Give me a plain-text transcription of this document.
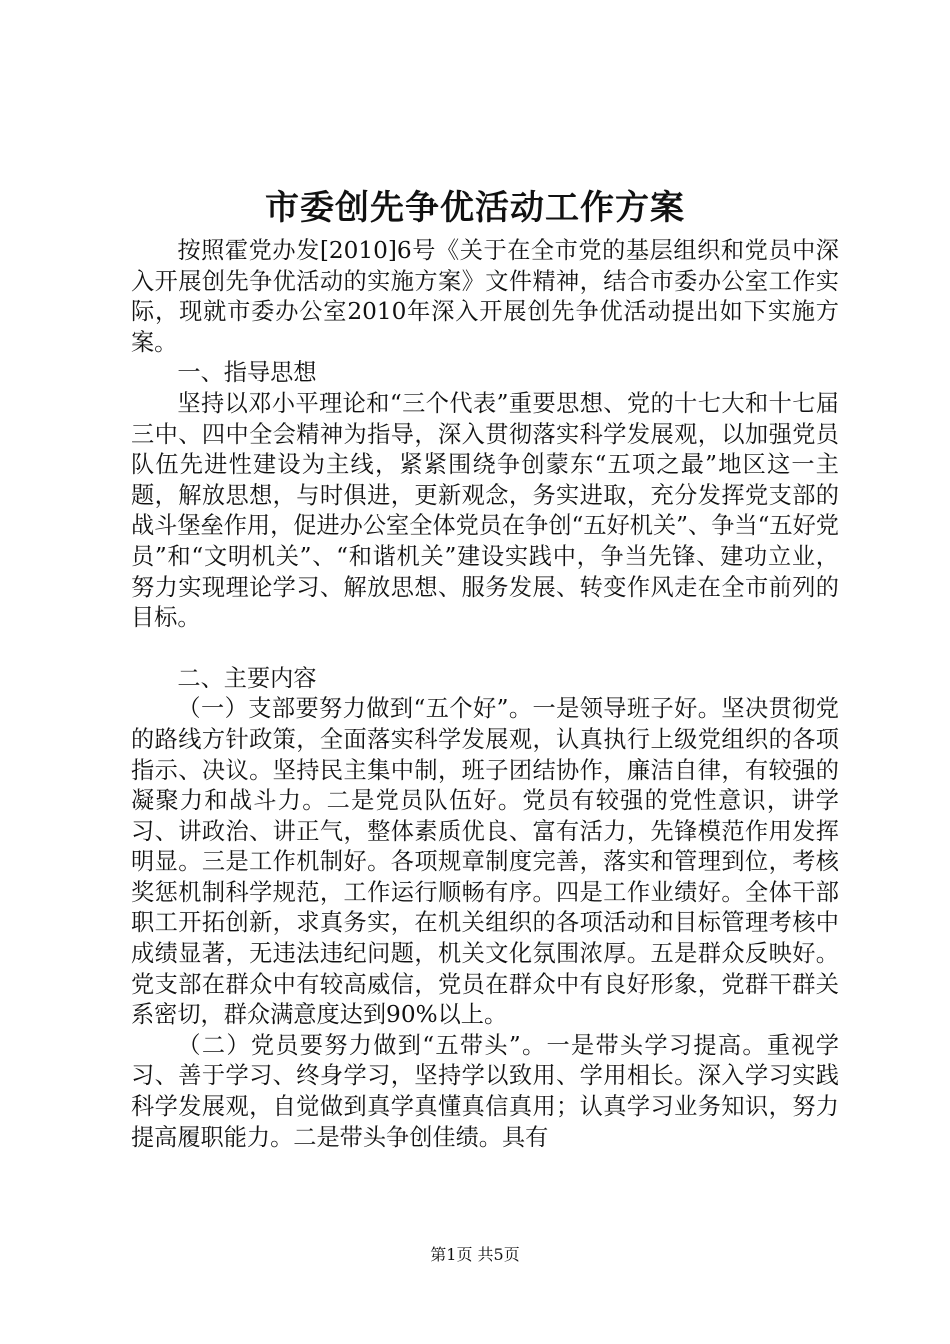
市委创先争优活动工作方案

按照霍党办发[2010]6号《关于在全市党的基层组织和党员中深入开展创先争优活动的实施方案》文件精神，结合市委办公室工作实际，现就市委办公室2010年深入开展创先争优活动提出如下实施方案。

一、指导思想

坚持以邓小平理论和“三个代表”重要思想、党的十七大和十七届三中、四中全会精神为指导，深入贯彻落实科学发展观，以加强党员队伍先进性建设为主线，紧紧围绕争创蒙东“五项之最”地区这一主题，解放思想，与时俱进，更新观念，务实进取，充分发挥党支部的战斗堡垒作用，促进办公室全体党员在争创“五好机关”、争当“五好党员”和“文明机关”、“和谐机关”建设实践中，争当先锋、建功立业，努力实现理论学习、解放思想、服务发展、转变作风走在全市前列的目标。

二、主要内容

（一）支部要努力做到“五个好”。一是领导班子好。坚决贯彻党的路线方针政策，全面落实科学发展观，认真执行上级党组织的各项指示、决议。坚持民主集中制，班子团结协作，廉洁自律，有较强的凝聚力和战斗力。二是党员队伍好。党员有较强的党性意识，讲学习、讲政治、讲正气，整体素质优良、富有活力，先锋模范作用发挥明显。三是工作机制好。各项规章制度完善，落实和管理到位，考核奖惩机制科学规范，工作运行顺畅有序。四是工作业绩好。全体干部职工开拓创新，求真务实，在机关组织的各项活动和目标管理考核中成绩显著，无违法违纪问题，机关文化氛围浓厚。五是群众反映好。党支部在群众中有较高威信，党员在群众中有良好形象，党群干群关系密切，群众满意度达到90%以上。

（二）党员要努力做到“五带头”。一是带头学习提高。重视学习、善于学习、终身学习，坚持学以致用、学用相长。深入学习实践科学发展观，自觉做到真学真懂真信真用；认真学习业务知识，努力提高履职能力。二是带头争创佳绩。具有

第1页 共5页
